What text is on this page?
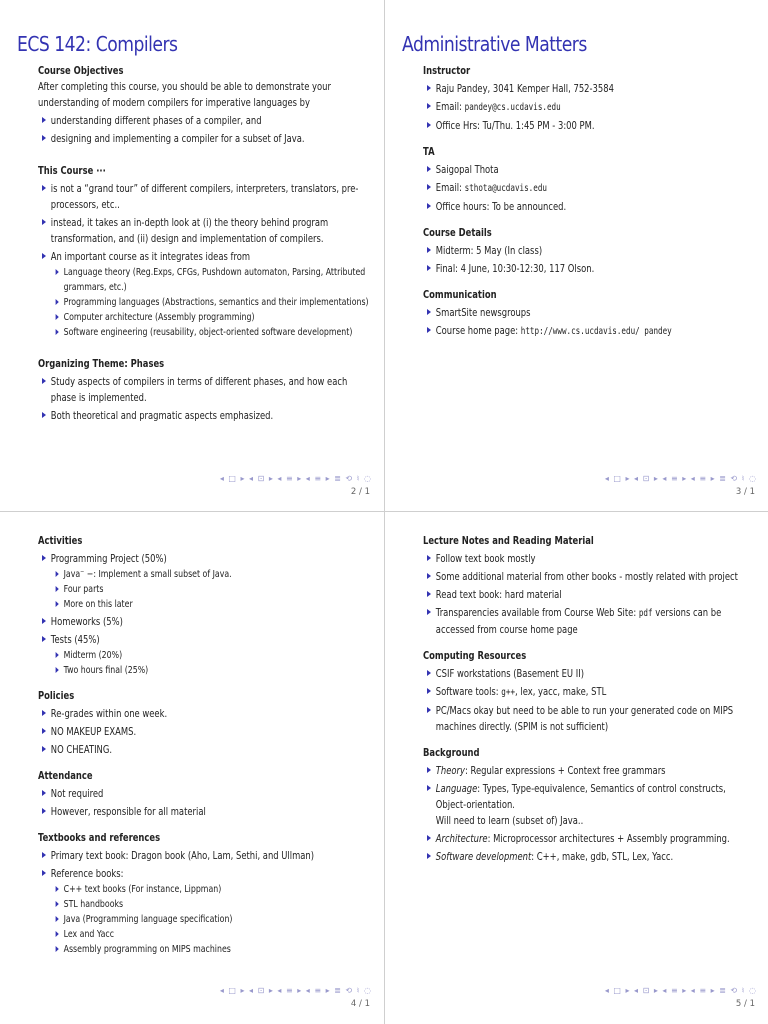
ECS 142: Compilers

Course Objectives

After completing this course, you should be able to demonstrate your understanding of modern compilers for imperative languages by

understanding different phases of a compiler, and
designing and implementing a compiler for a subset of Java.

This Course ···

is not a “grand tour” of different compilers, interpreters, translators, pre-processors, etc..
instead, it takes an in-depth look at (i) the theory behind program transformation, and (ii) design and implementation of compilers.
An important course as it integrates ideas from
Language theory (Reg.Exps, CFGs, Pushdown automaton, Parsing, Attributed grammars, etc.)
Programming languages (Abstractions, semantics and their implementations)
Computer architecture (Assembly programming)
Software engineering (reusability, object-oriented software development)

Organizing Theme: Phases

Study aspects of compilers in terms of different phases, and how each phase is implemented.
Both theoretical and pragmatic aspects emphasized.
◂ □ ▸ ◂ ⊡ ▸ ◂ ≡ ▸ ◂ ≡ ▸ ≣ ⟲ ♮ ◌
2 / 1
Administrative Matters

Instructor

Raju Pandey, 3041 Kemper Hall, 752-3584
Email: pandey@cs.ucdavis.edu
Office Hrs: Tu/Thu. 1:45 PM - 3:00 PM.

TA

Saigopal Thota
Email: sthota@ucdavis.edu
Office hours: To be announced.

Course Details

Midterm: 5 May (In class)
Final: 4 June, 10:30-12:30, 117 Olson.

Communication

SmartSite newsgroups
Course home page: http://www.cs.ucdavis.edu/ pandey
◂ □ ▸ ◂ ⊡ ▸ ◂ ≡ ▸ ◂ ≡ ▸ ≣ ⟲ ♮ ◌
3 / 1

Activities

Programming Project (50%)
Java⁻ −: Implement a small subset of Java.
Four parts
More on this later
Homeworks (5%)
Tests (45%)
Midterm (20%)
Two hours final (25%)

Policies

Re-grades within one week.
NO MAKEUP EXAMS.
NO CHEATING.

Attendance

Not required
However, responsible for all material

Textbooks and references

Primary text book: Dragon book (Aho, Lam, Sethi, and Ullman)
Reference books:
C++ text books (For instance, Lippman)
STL handbooks
Java (Programming language specification)
Lex and Yacc
Assembly programming on MIPS machines
◂ □ ▸ ◂ ⊡ ▸ ◂ ≡ ▸ ◂ ≡ ▸ ≣ ⟲ ♮ ◌
4 / 1

Lecture Notes and Reading Material

Follow text book mostly
Some additional material from other books - mostly related with project
Read text book: hard material
Transparencies available from Course Web Site: pdf versions can be accessed from course home page

Computing Resources

CSIF workstations (Basement EU II)
Software tools: g++, lex, yacc, make, STL
PC/Macs okay but need to be able to run your generated code on MIPS machines directly. (SPIM is not sufficient)

Background

Theory: Regular expressions + Context free grammars
Language: Types, Type-equivalence, Semantics of control constructs, Object-orientation.
Will need to learn (subset of) Java..
Architecture: Microprocessor architectures + Assembly programming.
Software development: C++, make, gdb, STL, Lex, Yacc.
◂ □ ▸ ◂ ⊡ ▸ ◂ ≡ ▸ ◂ ≡ ▸ ≣ ⟲ ♮ ◌
5 / 1
